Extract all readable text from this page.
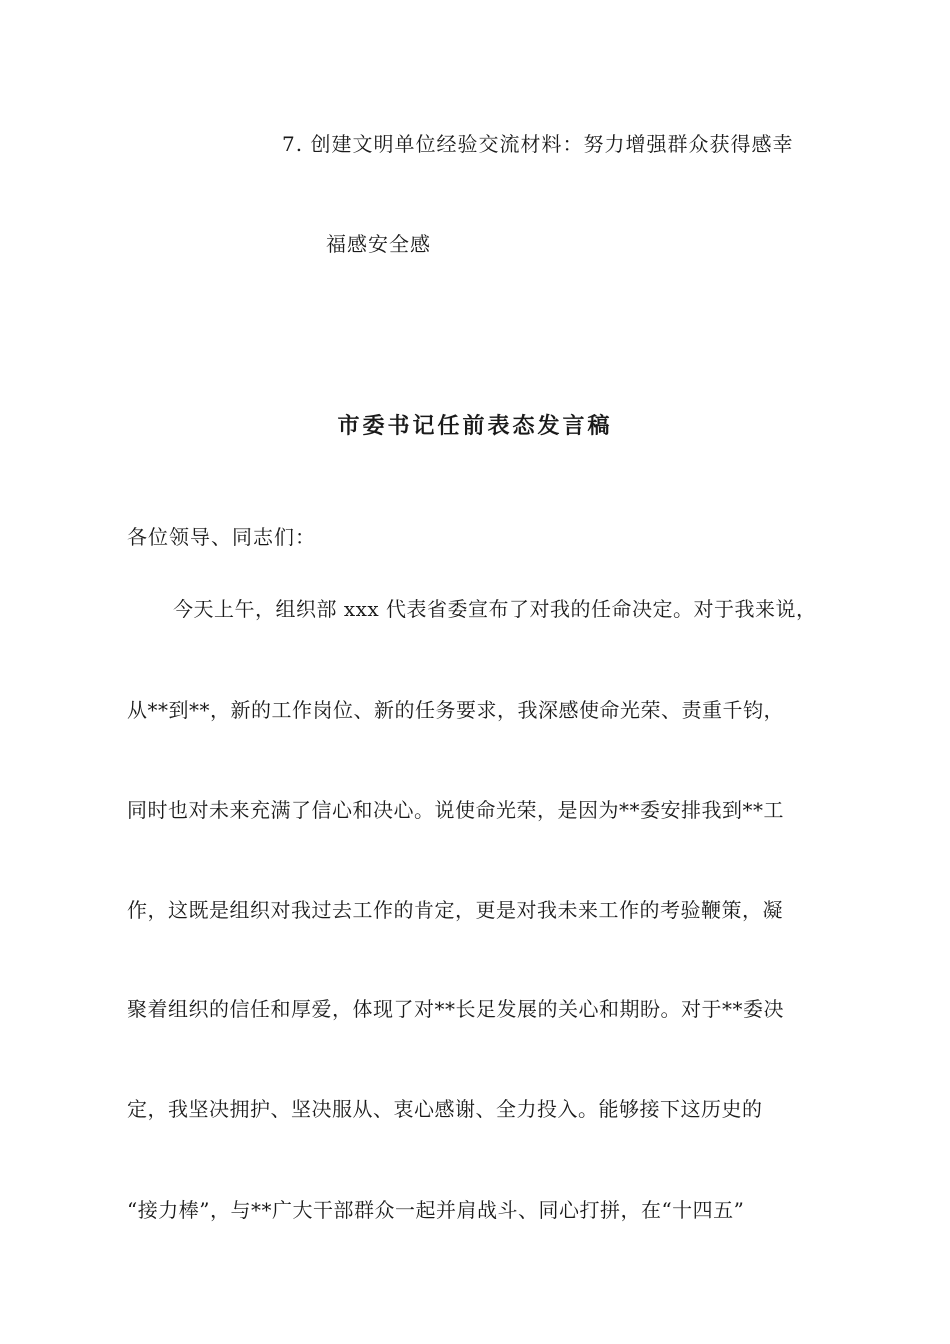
7. 创建文明单位经验交流材料：努力增强群众获得感幸
福感安全感
市委书记任前表态发言稿
各位领导、同志们：
今天上午，组织部 xxx 代表省委宣布了对我的任命决定。对于我来说，
从**到**，新的工作岗位、新的任务要求，我深感使命光荣、责重千钧，
同时也对未来充满了信心和决心。说使命光荣，是因为**委安排我到**工
作，这既是组织对我过去工作的肯定，更是对我未来工作的考验鞭策，凝
聚着组织的信任和厚爱，体现了对**长足发展的关心和期盼。对于**委决
定，我坚决拥护、坚决服从、衷心感谢、全力投入。能够接下这历史的
“接力棒”，与**广大干部群众一起并肩战斗、同心打拼，在“十四五”
